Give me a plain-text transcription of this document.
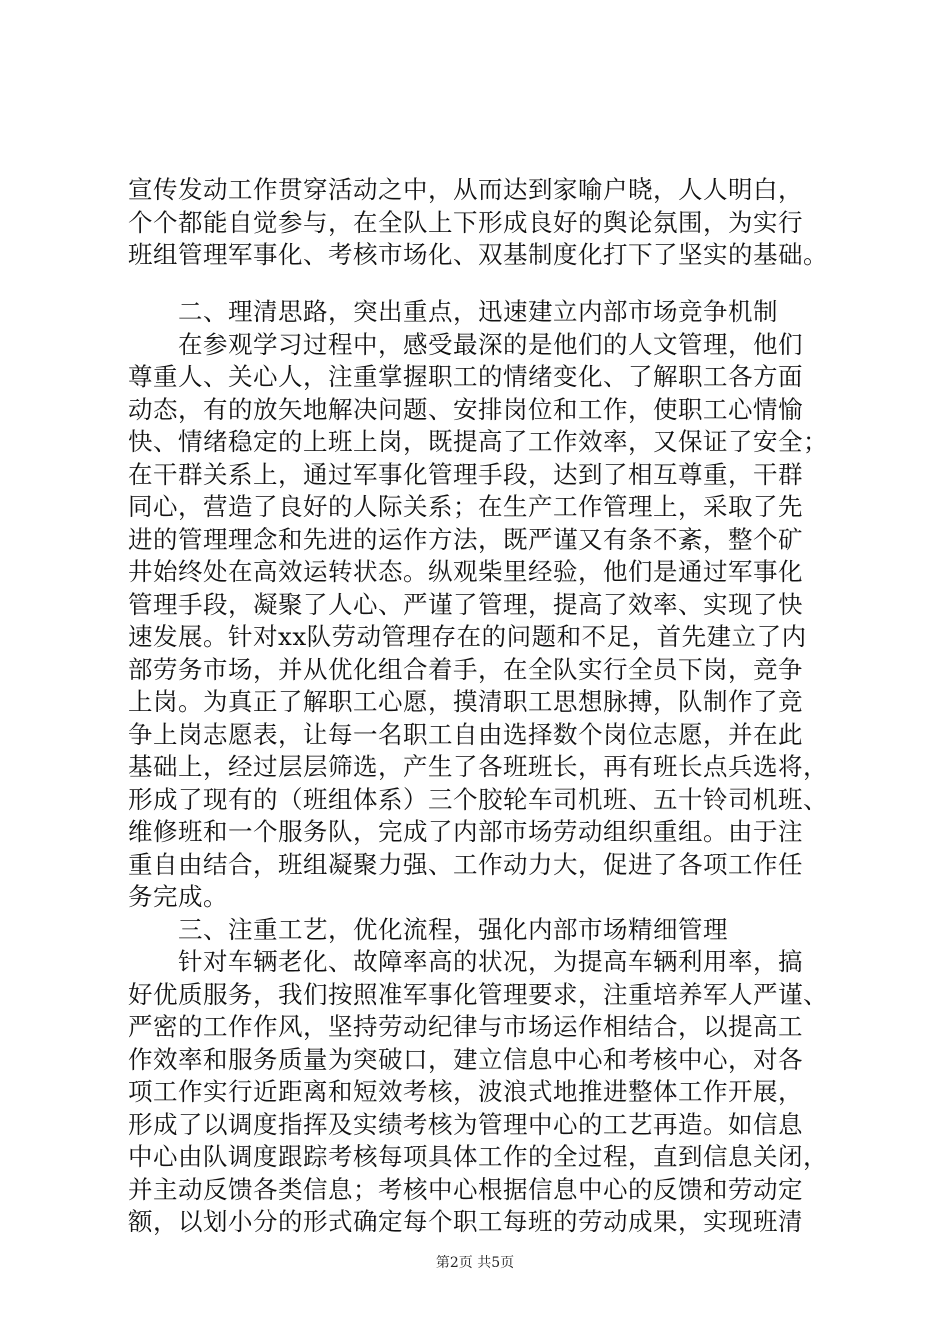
宣传发动工作贯穿活动之中，从而达到家喻户晓，人人明白，
个个都能自觉参与，在全队上下形成良好的舆论氛围，为实行
班组管理军事化、考核市场化、双基制度化打下了坚实的基础。
　　二、理清思路，突出重点，迅速建立内部市场竞争机制
　　在参观学习过程中，感受最深的是他们的人文管理，他们
尊重人、关心人，注重掌握职工的情绪变化、了解职工各方面
动态，有的放矢地解决问题、安排岗位和工作，使职工心情愉
快、情绪稳定的上班上岗，既提高了工作效率，又保证了安全；
在干群关系上，通过军事化管理手段，达到了相互尊重，干群
同心，营造了良好的人际关系；在生产工作管理上，采取了先
进的管理理念和先进的运作方法，既严谨又有条不紊，整个矿
井始终处在高效运转状态。纵观柴里经验，他们是通过军事化
管理手段，凝聚了人心、严谨了管理，提高了效率、实现了快
速发展。针对xx队劳动管理存在的问题和不足，首先建立了内
部劳务市场，并从优化组合着手，在全队实行全员下岗，竞争
上岗。为真正了解职工心愿，摸清职工思想脉搏，队制作了竞
争上岗志愿表，让每一名职工自由选择数个岗位志愿，并在此
基础上，经过层层筛选，产生了各班班长，再有班长点兵选将，
形成了现有的（班组体系）三个胶轮车司机班、五十铃司机班、
维修班和一个服务队，完成了内部市场劳动组织重组。由于注
重自由结合，班组凝聚力强、工作动力大，促进了各项工作任
务完成。
　　三、注重工艺，优化流程，强化内部市场精细管理
　　针对车辆老化、故障率高的状况，为提高车辆利用率，搞
好优质服务，我们按照准军事化管理要求，注重培养军人严谨、
严密的工作作风，坚持劳动纪律与市场运作相结合，以提高工
作效率和服务质量为突破口，建立信息中心和考核中心，对各
项工作实行近距离和短效考核，波浪式地推进整体工作开展，
形成了以调度指挥及实绩考核为管理中心的工艺再造。如信息
中心由队调度跟踪考核每项具体工作的全过程，直到信息关闭，
并主动反馈各类信息；考核中心根据信息中心的反馈和劳动定
额，以划小分的形式确定每个职工每班的劳动成果，实现班清
第2页 共5页
